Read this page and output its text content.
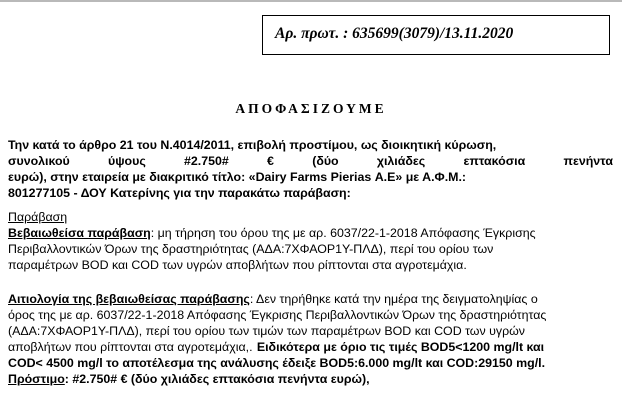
Αρ. πρωτ. : 635699(3079)/13.11.2020
ΑΠΟΦΑΣΙΖΟΥΜΕ
Την κατά το άρθρο 21 του Ν.4014/2011, επιβολή προστίμου, ως διοικητική κύρωση,
συνολικού	ύψους	#2.750#	€	(δύο	χιλιάδες	επτακόσια	πενήντα
ευρώ), στην εταιρεία με διακριτικό τίτλο: «Dairy Farms Pierias Α.Ε» με Α.Φ.Μ.:
801277105 - ΔΟΥ Κατερίνης για την παρακάτω παράβαση:
Παράβαση
Βεβαιωθείσα παράβαση: μη τήρηση του όρου της με αρ. 6037/22-1-2018 Απόφασης Έγκρισης
Περιβαλλοντικών Όρων της δραστηριότητας (ΑΔΑ:7ΧΦΑΟΡ1Υ-ΠΛΔ), περί του ορίου των
παραμέτρων BOD και COD των υγρών αποβλήτων που ρίπτονται στα αγροτεμάχια.
Αιτιολογία της βεβαιωθείσας παράβασης: Δεν τηρήθηκε κατά την ημέρα της δειγματοληψίας ο
όρος της με αρ. 6037/22-1-2018 Απόφασης Έγκρισης Περιβαλλοντικών Όρων της δραστηριότητας
(ΑΔΑ:7ΧΦΑΟΡ1Υ-ΠΛΔ), περί του ορίου των τιμών των παραμέτρων BOD και COD των υγρών
αποβλήτων που ρίπτονται στα αγροτεμάχια,. Ειδικότερα με όριο τις τιμές BOD5<1200 mg/lt και
COD< 4500 mg/l το αποτέλεσμα της ανάλυσης έδειξε BOD5:6.000 mg/lt και COD:29150 mg/l.
Πρόστιμο: #2.750# € (δύο χιλιάδες επτακόσια πενήντα ευρώ),
